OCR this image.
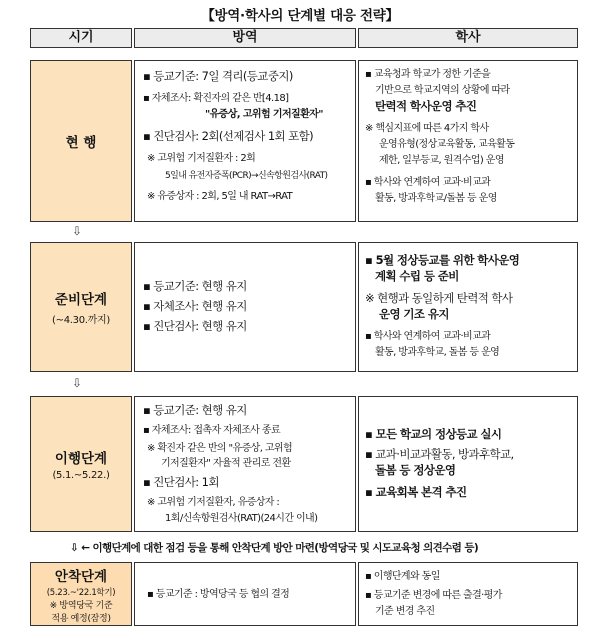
【방역·학사의 단계별 대응 전략】
시기	방역	학사
현 행
▪ 등교기준: 7일 격리(등교중지)
▪ 자체조사: 확진자의 같은 반[4.18]
"유증상, 고위험 기저질환자"
▪ 진단검사: 2회(선제검사 1회 포함)
※ 고위험 기저질환자 : 2회
5일내 유전자증폭(PCR)→신속항원검사(RAT)
※ 유증상자 : 2회, 5일 내 RAT→RAT
▪ 교육청과 학교가 정한 기준을
기반으로 학교지역의 상황에 따라
탄력적 학사운영 추진
※ 핵심지표에 따른 4가지 학사
운영유형(정상교육활동, 교육활동
제한, 일부등교, 원격수업) 운영
▪ 학사와 연계하여 교과·비교과
활동, 방과후학교/돌봄 등 운영
⇩
준비단계
(~4.30.까지)
▪ 등교기준: 현행 유지
▪ 자체조사: 현행 유지
▪ 진단검사: 현행 유지
▪ 5월 정상등교를 위한 학사운영
계획 수립 등 준비
※ 현행과 동일하게 탄력적 학사
운영 기조 유지
▪ 학사와 연계하여 교과·비교과
활동, 방과후학교, 돌봄 등 운영
⇩
이행단계
(5.1.~5.22.)
▪ 등교기준: 현행 유지
▪ 자체조사: 접촉자 자체조사 종료
※ 확진자 같은 반의 "유증상, 고위험
기저질환자" 자율적 관리로 전환
▪ 진단검사: 1회
※ 고위험 기저질환자, 유증상자 :
1회/신속항원검사(RAT)(24시간 이내)
▪ 모든 학교의 정상등교 실시
▪ 교과·비교과활동, 방과후학교,
돌봄 등 정상운영
▪ 교육회복 본격 추진
⇩ ← 이행단계에 대한 점검 등을 통해 안착단계 방안 마련(방역당국 및 시도교육청 의견수렴 등)
안착단계
(5.23.~'22.1학기)
※ 방역당국 기준
적용 예정(잠정)
▪ 등교기준 : 방역당국 등 협의 결정
▪ 이행단계와 동일
▪ 등교기준 변경에 따른 출결·평가
기준 변경 추진
